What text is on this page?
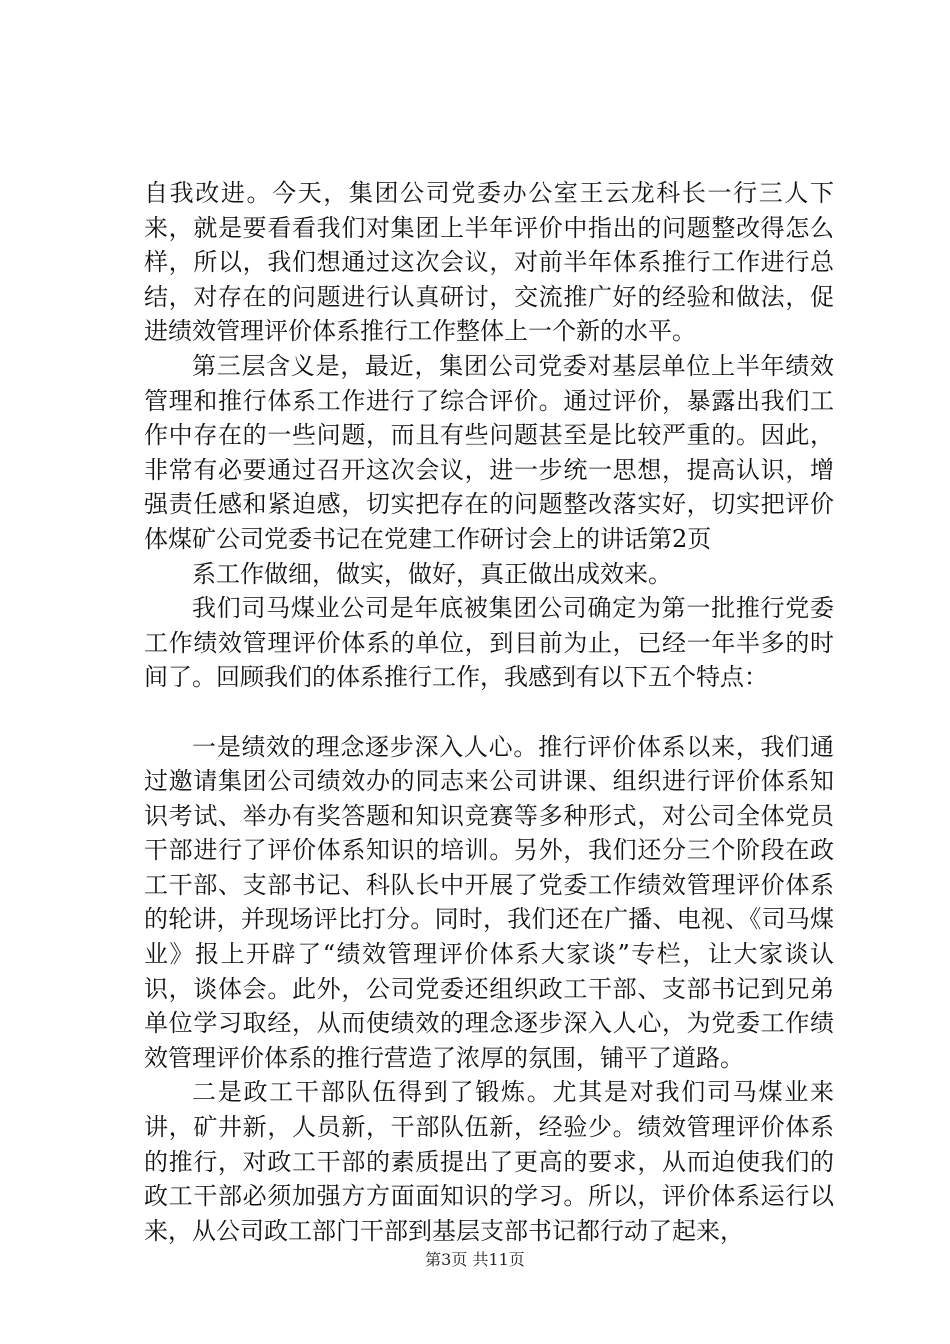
自我改进。今天，集团公司党委办公室王云龙科长一行三人下来，就是要看看我们对集团上半年评价中指出的问题整改得怎么样，所以，我们想通过这次会议，对前半年体系推行工作进行总结，对存在的问题进行认真研讨，交流推广好的经验和做法，促进绩效管理评价体系推行工作整体上一个新的水平。

第三层含义是，最近，集团公司党委对基层单位上半年绩效管理和推行体系工作进行了综合评价。通过评价，暴露出我们工作中存在的一些问题，而且有些问题甚至是比较严重的。因此，非常有必要通过召开这次会议，进一步统一思想，提高认识，增强责任感和紧迫感，切实把存在的问题整改落实好，切实把评价体煤矿公司党委书记在党建工作研讨会上的讲话第2页

系工作做细，做实，做好，真正做出成效来。

我们司马煤业公司是年底被集团公司确定为第一批推行党委工作绩效管理评价体系的单位，到目前为止，已经一年半多的时间了。回顾我们的体系推行工作，我感到有以下五个特点：

一是绩效的理念逐步深入人心。推行评价体系以来，我们通过邀请集团公司绩效办的同志来公司讲课、组织进行评价体系知识考试、举办有奖答题和知识竞赛等多种形式，对公司全体党员干部进行了评价体系知识的培训。另外，我们还分三个阶段在政工干部、支部书记、科队长中开展了党委工作绩效管理评价体系的轮讲，并现场评比打分。同时，我们还在广播、电视、《司马煤业》报上开辟了“绩效管理评价体系大家谈”专栏，让大家谈认识，谈体会。此外，公司党委还组织政工干部、支部书记到兄弟单位学习取经，从而使绩效的理念逐步深入人心，为党委工作绩效管理评价体系的推行营造了浓厚的氛围，铺平了道路。

二是政工干部队伍得到了锻炼。尤其是对我们司马煤业来讲，矿井新，人员新，干部队伍新，经验少。绩效管理评价体系的推行，对政工干部的素质提出了更高的要求，从而迫使我们的政工干部必须加强方方面面知识的学习。所以，评价体系运行以来，从公司政工部门干部到基层支部书记都行动了起来，

第3页 共11页
